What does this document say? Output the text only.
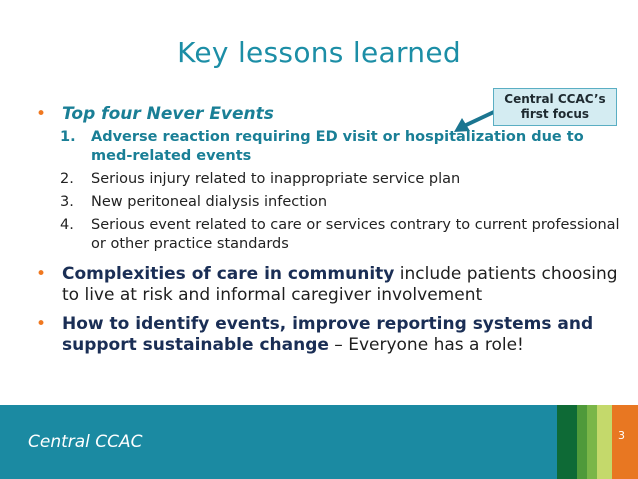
Key lessons learned
Central CCAC’s
first focus
• Top four Never Events
1. Adverse reaction requiring ED visit or hospitalization due to med-related events
2. Serious injury related to inappropriate service plan
3. New peritoneal dialysis infection
4. Serious event related to care or services contrary to current professional or other practice standards
• Complexities of care in community include patients choosing to live at risk and informal caregiver involvement
• How to identify events, improve reporting systems and support sustainable change – Everyone has a role!
Central CCAC	3
